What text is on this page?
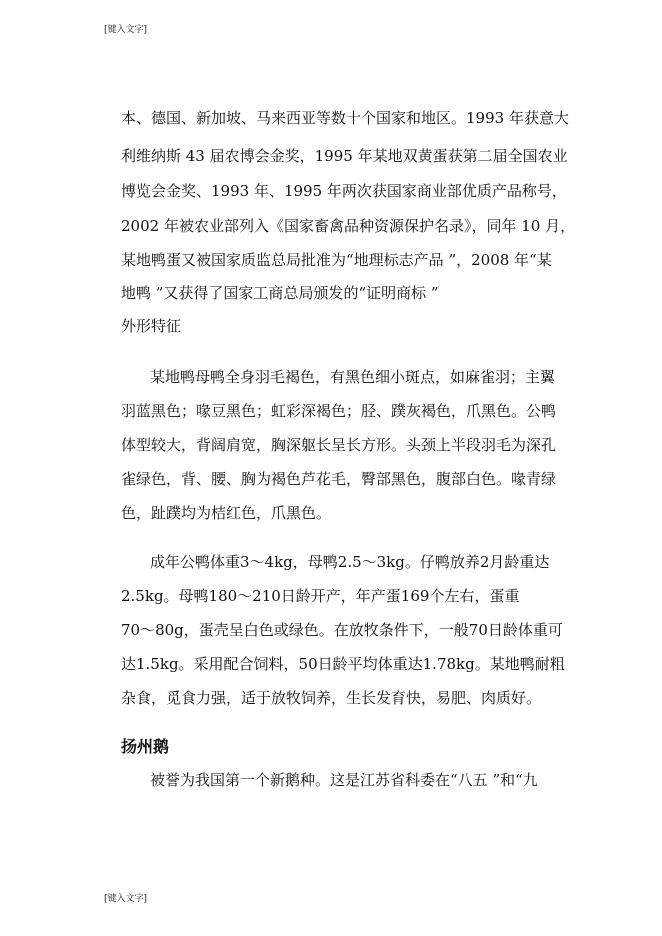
[键入文字]
本、德国、新加坡、马来西亚等数十个国家和地区。1993 年获意大
利维纳斯 43 届农博会金奖，1995 年某地双黄蛋获第二届全国农业
博览会金奖、1993 年、1995 年两次获国家商业部优质产品称号，
2002 年被农业部列入《国家畜禽品种资源保护名录》，同年 10 月，
某地鸭蛋又被国家质监总局批准为“地理标志产品 ”，2008 年“某
地鸭 ”又获得了国家工商总局颁发的“证明商标 ”
外形特征
某地鸭母鸭全身羽毛褐色，有黑色细小斑点，如麻雀羽；主翼
羽蓝黑色；喙豆黑色；虹彩深褐色；胫、蹼灰褐色，爪黑色。公鸭
体型较大，背阔肩宽，胸深躯长呈长方形。头颈上半段羽毛为深孔
雀绿色，背、腰、胸为褐色芦花毛，臀部黑色，腹部白色。喙青绿
色，趾蹼均为桔红色，爪黑色。
成年公鸭体重3～4kg，母鸭2.5～3kg。仔鸭放养2月龄重达
2.5kg。母鸭180～210日龄开产，年产蛋169个左右，蛋重
70～80g，蛋壳呈白色或绿色。在放牧条件下，一般70日龄体重可
达1.5kg。采用配合饲料，50日龄平均体重达1.78kg。某地鸭耐粗
杂食，觅食力强，适于放牧饲养，生长发育快，易肥、肉质好。
扬州鹅
被誉为我国第一个新鹅种。这是江苏省科委在“八五 ”和“九
[键入文字]
